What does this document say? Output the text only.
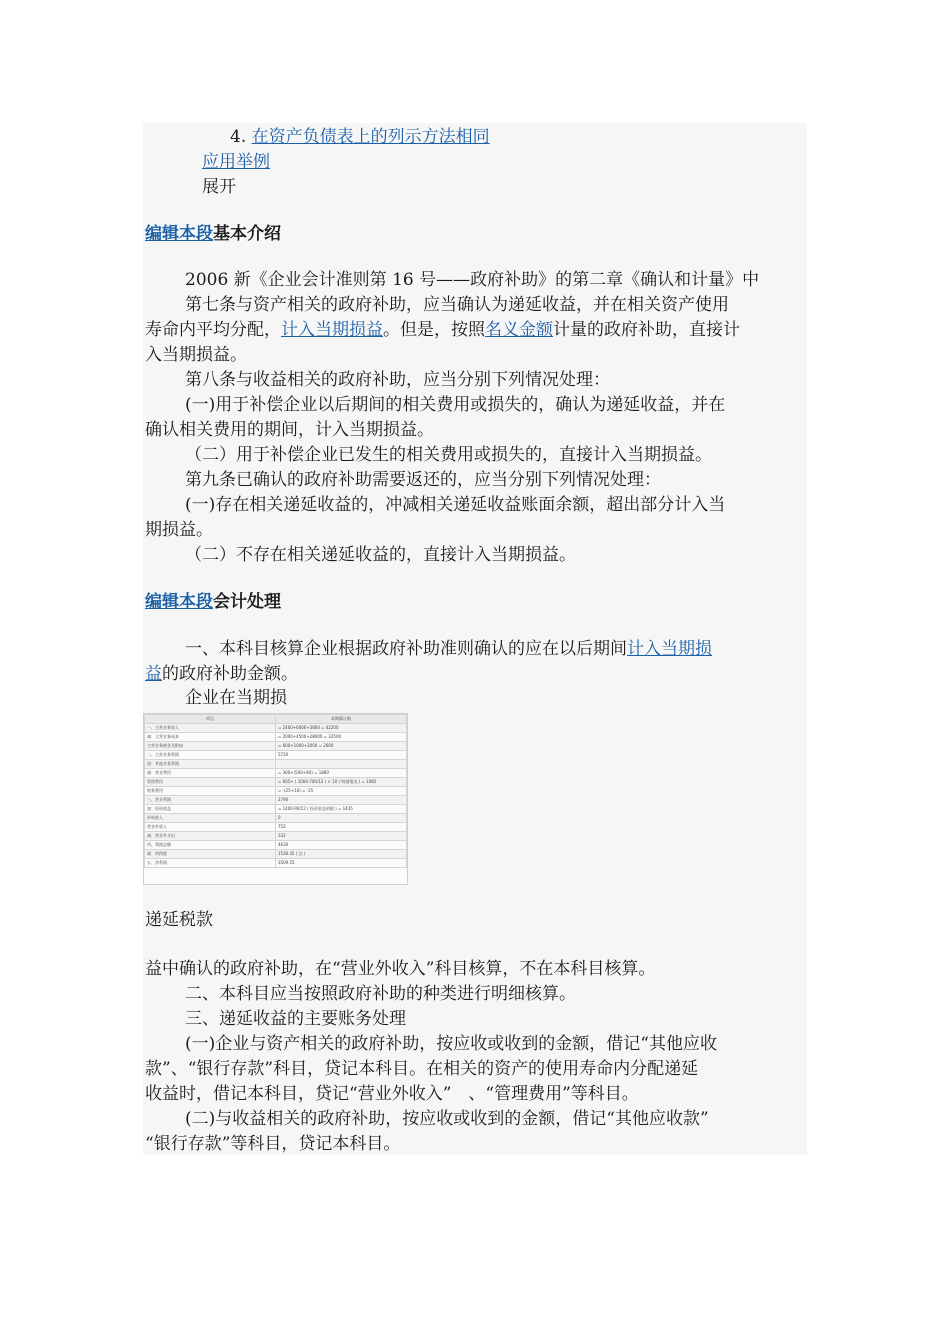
4. 在资产负债表上的列示方法相同
应用举例
展开
编辑本段基本介绍
2006 新《企业会计准则第 16 号——政府补助》的第二章《确认和计量》中
第七条与资产相关的政府补助，应当确认为递延收益，并在相关资产使用
寿命内平均分配，计入当期损益。但是，按照名义金额计量的政府补助，直接计
入当期损益。
第八条与收益相关的政府补助，应当分别下列情况处理：
(一)用于补偿企业以后期间的相关费用或损失的，确认为递延收益，并在
确认相关费用的期间，计入当期损益。
（二）用于补偿企业已发生的相关费用或损失的，直接计入当期损益。
第九条已确认的政府补助需要返还的，应当分别下列情况处理：
(一)存在相关递延收益的，冲减相关递延收益账面余额，超出部分计入当
期损益。
（二）不存在相关递延收益的，直接计入当期损益。
编辑本段会计处理
一、本科目核算企业根据政府补助准则确认的应在以后期间计入当期损
益的政府补助金额。
企业在当期损
项目	本期累计数
一、主营业务收入	= 2400+6000+3800 = 42200
减：主营业务成本	= 2000+4500+28000 = 32500
主营业务税金及附加	= 600+1000+2000 = 2600
二、主营业务利润	5720
加：其他业务利润	
减：营业费用	= 300+(500+80) = 1880
管理费用	= 605+ ( 1000-700/12 ) × 10 ( 明细情况 ) = 1085
财务费用	= -(25+10) = -35
三、营业利润	2790
加：投资收益	= 1400-90/12 ( 投资收益明细 ) = 1435
补贴收入	0
营业外收入	752
减：营业外支出	332
四、利润总额	4630
减：所得税	1530.45 ( 注 )
五、净利润	3509.55
递延税款
益中确认的政府补助，在“营业外收入”科目核算，不在本科目核算。
二、本科目应当按照政府补助的种类进行明细核算。
三、递延收益的主要账务处理
(一)企业与资产相关的政府补助，按应收或收到的金额，借记“其他应收
款”、“银行存款”科目，贷记本科目。在相关的资产的使用寿命内分配递延
收益时，借记本科目，贷记“营业外收入”　、“管理费用”等科目。
(二)与收益相关的政府补助，按应收或收到的金额，借记“其他应收款”
“银行存款”等科目，贷记本科目。
